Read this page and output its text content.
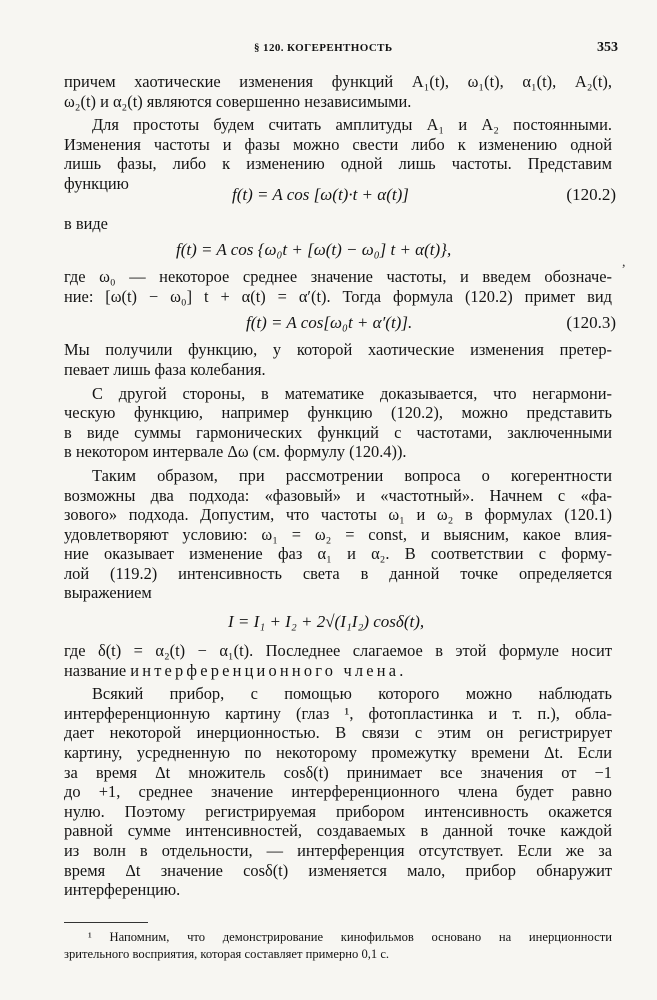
,
§ 120. КОГЕРЕНТНОСТЬ	353

причем хаотические изменения функций A₁(t), ω₁(t), α₁(t), A₂(t),
ω₂(t) и α₂(t) являются совершенно независимыми.

Для простоты будем считать амплитуды A₁ и A₂ постоянными.
Изменения частоты и фазы можно свести либо к изменению одной
лишь фазы, либо к изменению одной лишь частоты. Представим
функцию

f(t) = A cos [ω(t)·t + α(t)]	(120.2)

в виде

f(t) = A cos {ω₀t + [ω(t) − ω₀] t + α(t)},

где ω₀ — некоторое среднее значение частоты, и введем обозначе-
ние: [ω(t) − ω₀] t + α(t) = α′(t). Тогда формула (120.2) примет вид

f(t) = A cos[ω₀t + α′(t)].	(120.3)

Мы получили функцию, у которой хаотические изменения претер-
певает лишь фаза колебания.

С другой стороны, в математике доказывается, что негармони-
ческую функцию, например функцию (120.2), можно представить
в виде суммы гармонических функций с частотами, заключенными
в некотором интервале Δω (см. формулу (120.4)).

Таким образом, при рассмотрении вопроса о когерентности
возможны два подхода: «фазовый» и «частотный». Начнем с «фа-
зового» подхода. Допустим, что частоты ω₁ и ω₂ в формулах (120.1)
удовлетворяют условию: ω₁ = ω₂ = const, и выясним, какое влия-
ние оказывает изменение фаз α₁ и α₂. В соответствии с форму-
лой (119.2) интенсивность света в данной точке определяется
выражением

I = I₁ + I₂ + 2√(I₁I₂) cosδ(t),

где δ(t) = α₂(t) − α₁(t). Последнее слагаемое в этой формуле носит
название интерференционного члена.

Всякий прибор, с помощью которого можно наблюдать
интерференционную картину (глаз ¹, фотопластинка и т. п.), обла-
дает некоторой инерционностью. В связи с этим он регистрирует
картину, усредненную по некоторому промежутку времени Δt. Если
за время Δt множитель cosδ(t) принимает все значения от −1
до +1, среднее значение интерференционного члена будет равно
нулю. Поэтому регистрируемая прибором интенсивность окажется
равной сумме интенсивностей, создаваемых в данной точке каждой
из волн в отдельности, — интерференция отсутствует. Если же за
время Δt значение cosδ(t) изменяется мало, прибор обнаружит
интерференцию.

¹ Напомним, что демонстрирование кинофильмов основано на инерционности
зрительного восприятия, которая составляет примерно 0,1 с.
